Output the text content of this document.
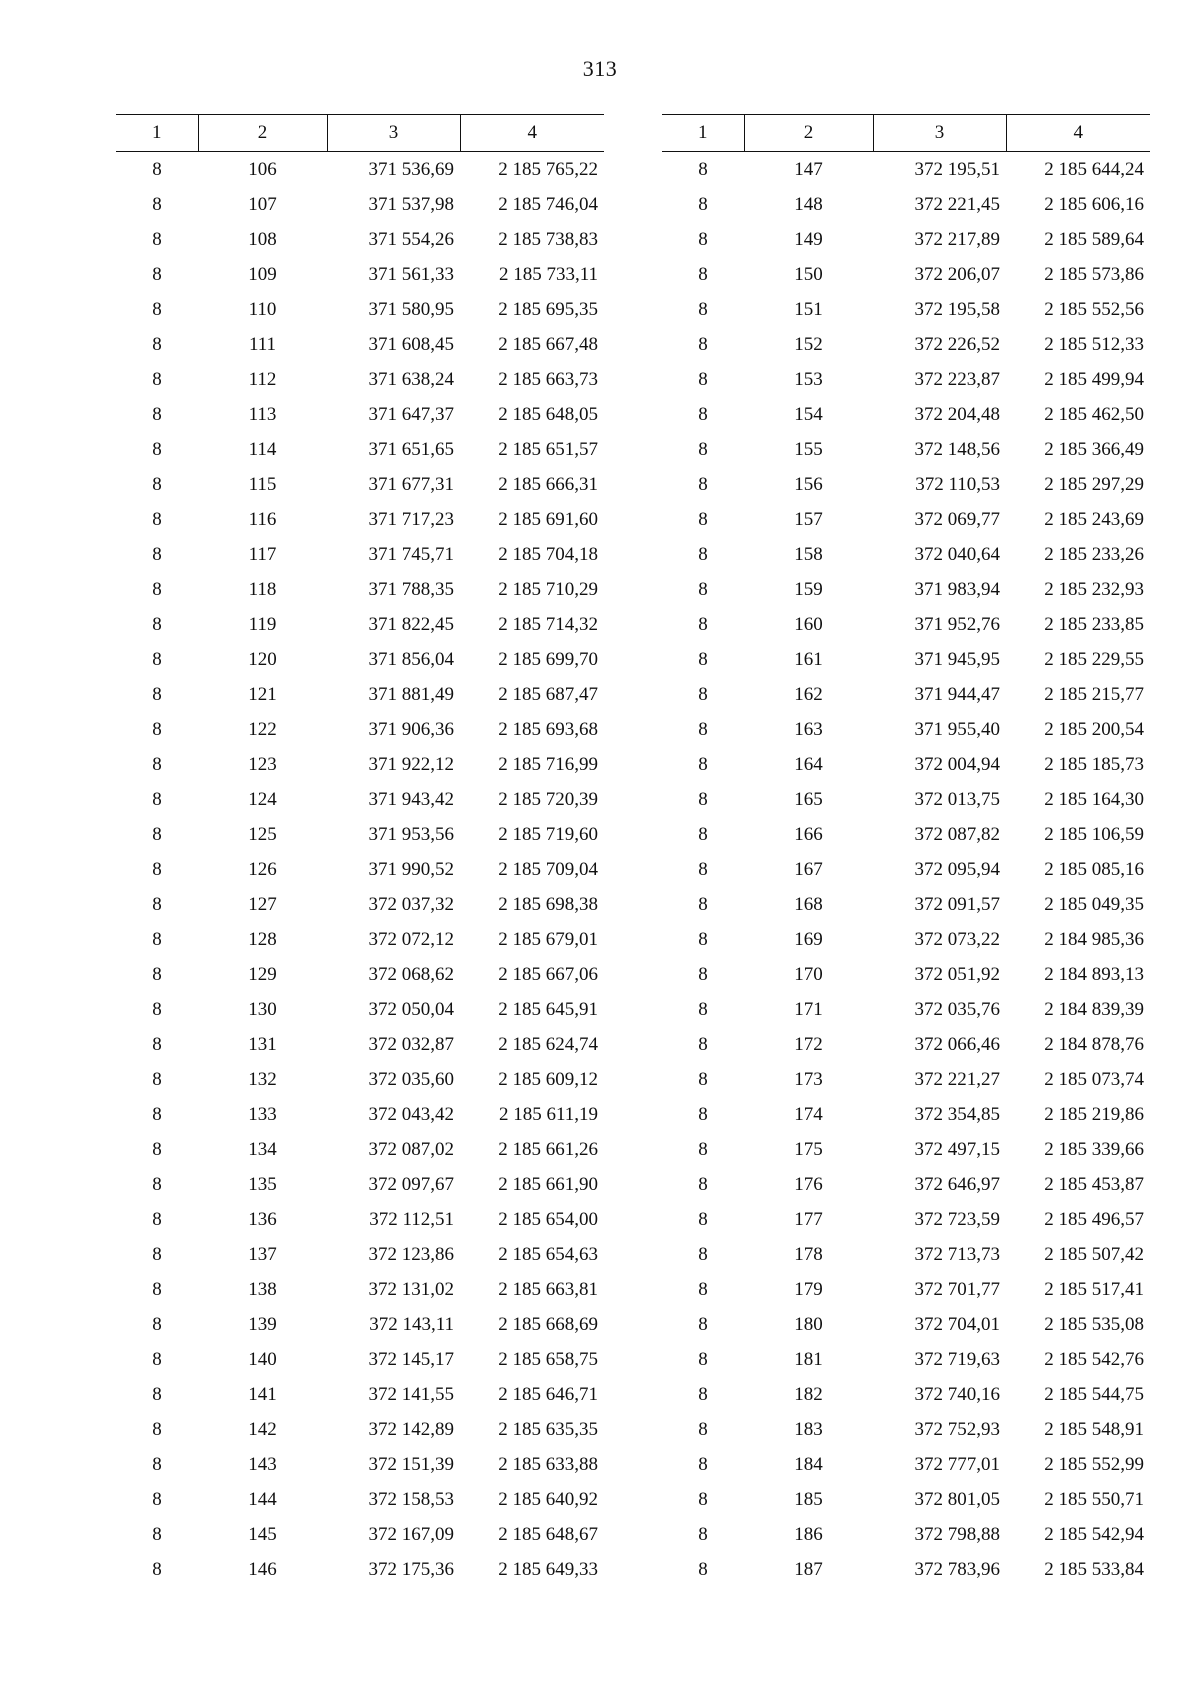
313
1	2	3	4
8	106	371 536,69	2 185 765,22
8	107	371 537,98	2 185 746,04
8	108	371 554,26	2 185 738,83
8	109	371 561,33	2 185 733,11
8	110	371 580,95	2 185 695,35
8	111	371 608,45	2 185 667,48
8	112	371 638,24	2 185 663,73
8	113	371 647,37	2 185 648,05
8	114	371 651,65	2 185 651,57
8	115	371 677,31	2 185 666,31
8	116	371 717,23	2 185 691,60
8	117	371 745,71	2 185 704,18
8	118	371 788,35	2 185 710,29
8	119	371 822,45	2 185 714,32
8	120	371 856,04	2 185 699,70
8	121	371 881,49	2 185 687,47
8	122	371 906,36	2 185 693,68
8	123	371 922,12	2 185 716,99
8	124	371 943,42	2 185 720,39
8	125	371 953,56	2 185 719,60
8	126	371 990,52	2 185 709,04
8	127	372 037,32	2 185 698,38
8	128	372 072,12	2 185 679,01
8	129	372 068,62	2 185 667,06
8	130	372 050,04	2 185 645,91
8	131	372 032,87	2 185 624,74
8	132	372 035,60	2 185 609,12
8	133	372 043,42	2 185 611,19
8	134	372 087,02	2 185 661,26
8	135	372 097,67	2 185 661,90
8	136	372 112,51	2 185 654,00
8	137	372 123,86	2 185 654,63
8	138	372 131,02	2 185 663,81
8	139	372 143,11	2 185 668,69
8	140	372 145,17	2 185 658,75
8	141	372 141,55	2 185 646,71
8	142	372 142,89	2 185 635,35
8	143	372 151,39	2 185 633,88
8	144	372 158,53	2 185 640,92
8	145	372 167,09	2 185 648,67
8	146	372 175,36	2 185 649,33
1	2	3	4
8	147	372 195,51	2 185 644,24
8	148	372 221,45	2 185 606,16
8	149	372 217,89	2 185 589,64
8	150	372 206,07	2 185 573,86
8	151	372 195,58	2 185 552,56
8	152	372 226,52	2 185 512,33
8	153	372 223,87	2 185 499,94
8	154	372 204,48	2 185 462,50
8	155	372 148,56	2 185 366,49
8	156	372 110,53	2 185 297,29
8	157	372 069,77	2 185 243,69
8	158	372 040,64	2 185 233,26
8	159	371 983,94	2 185 232,93
8	160	371 952,76	2 185 233,85
8	161	371 945,95	2 185 229,55
8	162	371 944,47	2 185 215,77
8	163	371 955,40	2 185 200,54
8	164	372 004,94	2 185 185,73
8	165	372 013,75	2 185 164,30
8	166	372 087,82	2 185 106,59
8	167	372 095,94	2 185 085,16
8	168	372 091,57	2 185 049,35
8	169	372 073,22	2 184 985,36
8	170	372 051,92	2 184 893,13
8	171	372 035,76	2 184 839,39
8	172	372 066,46	2 184 878,76
8	173	372 221,27	2 185 073,74
8	174	372 354,85	2 185 219,86
8	175	372 497,15	2 185 339,66
8	176	372 646,97	2 185 453,87
8	177	372 723,59	2 185 496,57
8	178	372 713,73	2 185 507,42
8	179	372 701,77	2 185 517,41
8	180	372 704,01	2 185 535,08
8	181	372 719,63	2 185 542,76
8	182	372 740,16	2 185 544,75
8	183	372 752,93	2 185 548,91
8	184	372 777,01	2 185 552,99
8	185	372 801,05	2 185 550,71
8	186	372 798,88	2 185 542,94
8	187	372 783,96	2 185 533,84
